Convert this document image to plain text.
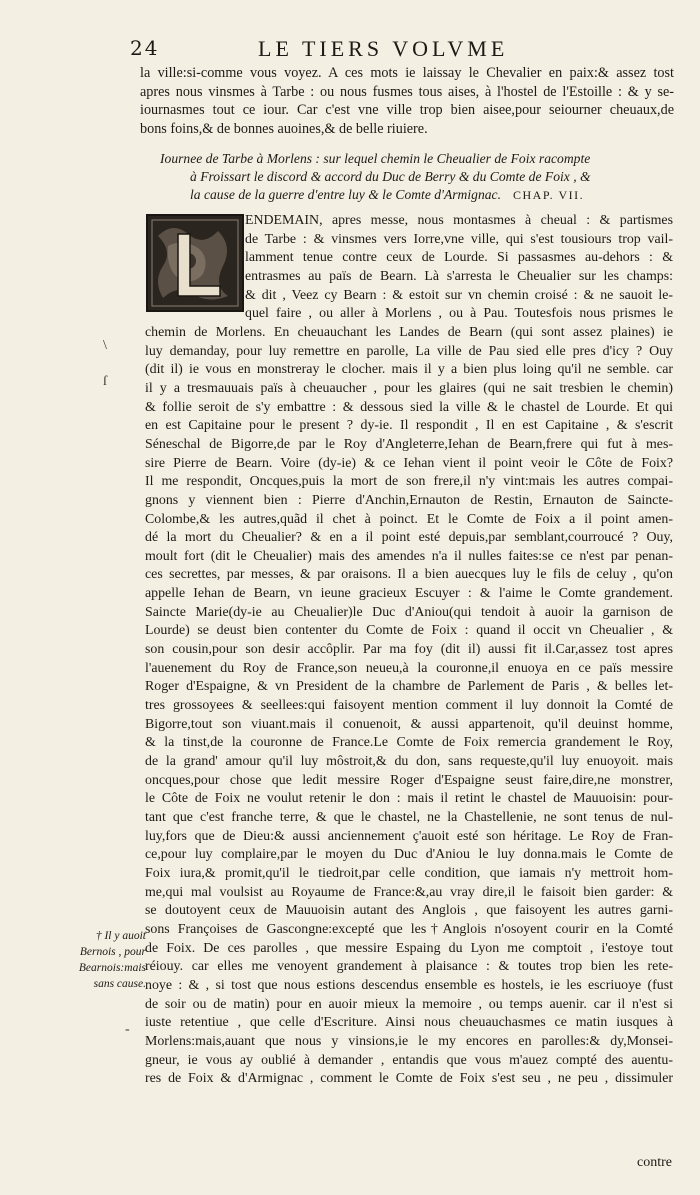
24	LE TIERS VOLVME
la ville:si-comme vous voyez. A ces mots ie laissay le Chevalier en paix:& assez tost
apres nous vinsmes à Tarbe : ou nous fusmes tous aises, à l'hostel de l'Estoille : & y se-
iournasmes tout ce iour. Car c'est vne ville trop bien aisee,pour seiourner cheuaux,de
bons foins,& de bonnes auoines,& de belle riuiere.
Iournee de Tarbe à Morlens : sur lequel chemin le Cheualier de Foix racompte
à Froissart le discord & accord du Duc de Berry & du Comte de Foix , &
la cause de la guerre d'entre luy & le Comte d'Armignac. CHAP. VII.
ENDEMAIN, apres messe, nous montasmes à cheual : & partismes
de Tarbe : & vinsmes vers Iorre,vne ville, qui s'est tousiours trop vail-
lamment tenue contre ceux de Lourde. Si passasmes au-dehors : &
entrasmes au païs de Bearn. Là s'arresta le Cheualier sur les champs:
& dit , Veez cy Bearn : & estoit sur vn chemin croisé : & ne sauoit le-
quel faire , ou aller à Morlens , ou à Pau. Toutesfois nous prismes le
chemin de Morlens. En cheuauchant les Landes de Bearn (qui sont assez plaines) ie
luy demanday, pour luy remettre en parolle, La ville de Pau sied elle pres d'icy ? Ouy
(dit il) ie vous en monstreray le clocher. mais il y a bien plus loing qu'il ne semble. car
il y a tresmauuais païs à cheuaucher , pour les glaires (qui ne sait tresbien le chemin)
& follie seroit de s'y embattre : & dessous sied la ville & le chastel de Lourde. Et qui
en est Capitaine pour le present ? dy-ie. Il respondit , Il en est Capitaine , & s'escrit
Séneschal de Bigorre,de par le Roy d'Angleterre,Iehan de Bearn,frere qui fut à mes-
sire Pierre de Bearn. Voire (dy-ie) & ce Iehan vient il point veoir le Côte de Foix?
Il me respondit, Oncques,puis la mort de son frere,il n'y vint:mais les autres compai-
gnons y viennent bien : Pierre d'Anchin,Ernauton de Restin, Ernauton de Saincte-
Colombe,& les autres,quãd il chet à poinct. Et le Comte de Foix a il point amen-
dé la mort du Cheualier? & en a il point esté depuis,par semblant,courroucé ? Ouy,
moult fort (dit le Cheualier) mais des amendes n'a il nulles faites:se ce n'est par penan-
ces secrettes, par messes, & par oraisons. Il a bien auecques luy le fils de celuy , qu'on
appelle Iehan de Bearn, vn ieune gracieux Escuyer : & l'aime le Comte grandement.
Saincte Marie(dy-ie au Cheualier)le Duc d'Aniou(qui tendoit à auoir la garnison de
Lourde) se deust bien contenter du Comte de Foix : quand il occit vn Cheualier , &
son cousin,pour son desir accôplir. Par ma foy (dit il) aussi fit il.Car,assez tost apres
l'auenement du Roy de France,son neueu,à la couronne,il enuoya en ce païs messire
Roger d'Espaigne, & vn President de la chambre de Parlement de Paris , & belles let-
tres grossoyees & seellees:qui faisoyent mention comment il luy donnoit la Comté de
Bigorre,tout son viuant.mais il conuenoit, & aussi appartenoit, qu'il deuinst homme,
& la tinst,de la couronne de France.Le Comte de Foix remercia grandement le Roy,
de la grand' amour qu'il luy môstroit,& du don, sans requeste,qu'il luy enuoyoit. mais
oncques,pour chose que ledit messire Roger d'Espaigne seust faire,dire,ne monstrer,
le Côte de Foix ne voulut retenir le don : mais il retint le chastel de Mauuoisin: pour-
tant que c'est franche terre, & que le chastel, ne la Chastellenie, ne sont tenus de nul-
luy,fors que de Dieu:& aussi anciennement ç'auoit esté son héritage. Le Roy de Fran-
ce,pour luy complaire,par le moyen du Duc d'Aniou le luy donna.mais le Comte de
Foix iura,& promit,qu'il le tiedroit,par celle condition, que iamais n'y mettroit hom-
me,qui mal voulsist au Royaume de France:&,au vray dire,il le faisoit bien garder: &
se doutoyent ceux de Mauuoisin autant des Anglois , que faisoyent les autres garni-
sons Françoises de Gascongne:excepté que les†Anglois n'osoyent courir en la Comté
de Foix. De ces parolles , que messire Espaing du Lyon me comptoit , i'estoye tout
réiouy. car elles me venoyent grandement à plaisance : & toutes trop bien les rete-
noye : & , si tost que nous estions descendus ensemble es hostels, ie les escriuoye (fust
de soir ou de matin) pour en auoir mieux la memoire , ou temps auenir. car il n'est si
iuste retentiue , que celle d'Escriture. Ainsi nous cheuauchasmes ce matin iusques à
Morlens:mais,auant que nous y vinsions,ie le my encores en parolles:& dy,Monsei-
gneur, ie vous ay oublié à demander , entandis que vous m'auez compté des auentu-
res de Foix & d'Armignac , comment le Comte de Foix s'est seu , ne peu , dissimuler
† Il y auoit
Bernois , pour
Bearnois:mais
sans cause.
\
ſ
-
contre
